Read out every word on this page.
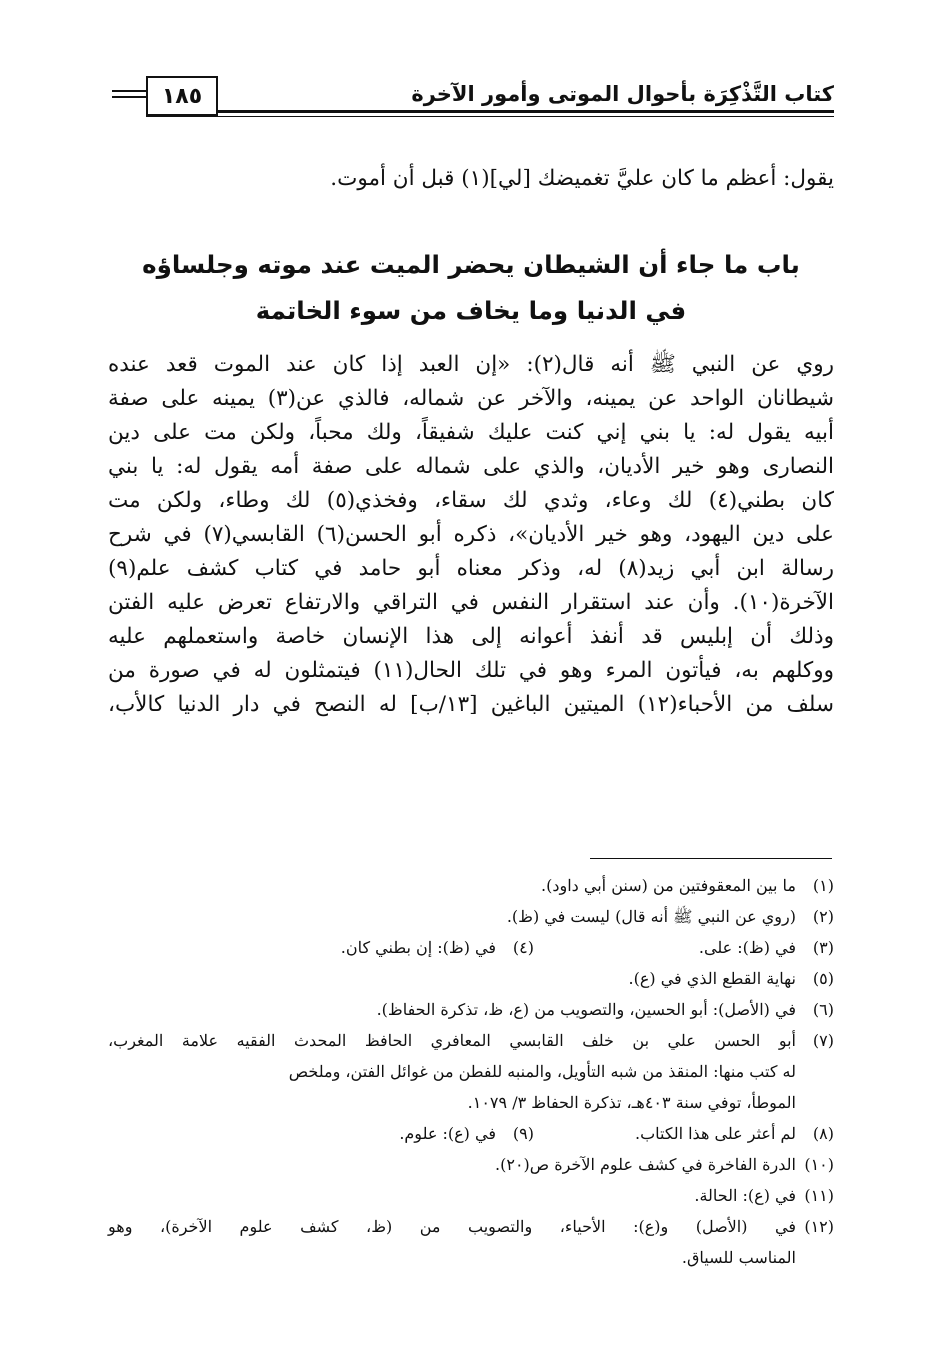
كتاب التَّذْكِرَة بأحوال الموتى وأمور الآخرة
١٨٥
يقول: أعظم ما كان عليَّ تغميضك [لي](١) قبل أن أموت.
باب ما جاء أن الشيطان يحضر الميت عند موته وجلساؤه
في الدنيا وما يخاف من سوء الخاتمة
روي عن النبي ﷺ أنه قال(٢): «إن العبد إذا كان عند الموت قعد عنده
شيطانان الواحد عن يمينه، والآخر عن شماله، فالذي عن(٣) يمينه على صفة
أبيه يقول له: يا بني إني كنت عليك شفيقاً، ولك محباً، ولكن مت على دين
النصارى وهو خير الأديان، والذي على شماله على صفة أمه يقول له: يا بني
كان بطني(٤) لك وعاء، وثدي لك سقاء، وفخذي(٥) لك وطاء، ولكن مت
على دين اليهود، وهو خير الأديان»، ذكره أبو الحسن(٦) القابسي(٧) في شرح
رسالة ابن أبي زيد(٨) له، وذكر معناه أبو حامد في كتاب كشف علم(٩)
الآخرة(١٠). وأن عند استقرار النفس في التراقي والارتفاع تعرض عليه الفتن
وذلك أن إبليس قد أنفذ أعوانه إلى هذا الإنسان خاصة واستعملهم عليه
ووكلهم به، فيأتون المرء وهو في تلك الحال(١١) فيتمثلون له في صورة من
سلف من الأحباء(١٢) الميتين الباغين [١٣/ب] له النصح في دار الدنيا كالأب،
(١)
ما بين المعقوفتين من (سنن أبي داود).
(٢)
(روي عن النبي ﷺ أنه قال) ليست في (ظ).
(٣)
في (ظ): على.
(٤)
في (ظ): إن بطني كان.
(٥)
نهاية القطع الذي في (ع).
(٦)
في (الأصل): أبو الحسين، والتصويب من (ع، ظ، تذكرة الحفاظ).
(٧)
أبو الحسن علي بن خلف القابسي المعافري الحافظ المحدث الفقيه علامة المغرب،
له كتب منها: المنقذ من شبه التأويل، والمنبه للفطن من غوائل الفتن، وملخص
الموطأ، توفي سنة ٤٠٣هـ، تذكرة الحفاظ ٣/ ١٠٧٩.
(٨)
لم أعثر على هذا الكتاب.
(٩)
في (ع): علوم.
(١٠)
الدرة الفاخرة في كشف علوم الآخرة ص(٢٠).
(١١)
في (ع): الحالة.
(١٢)
في (الأصل) و(ع): الأحياء، والتصويب من (ظ، كشف علوم الآخرة)، وهو
المناسب للسياق.
